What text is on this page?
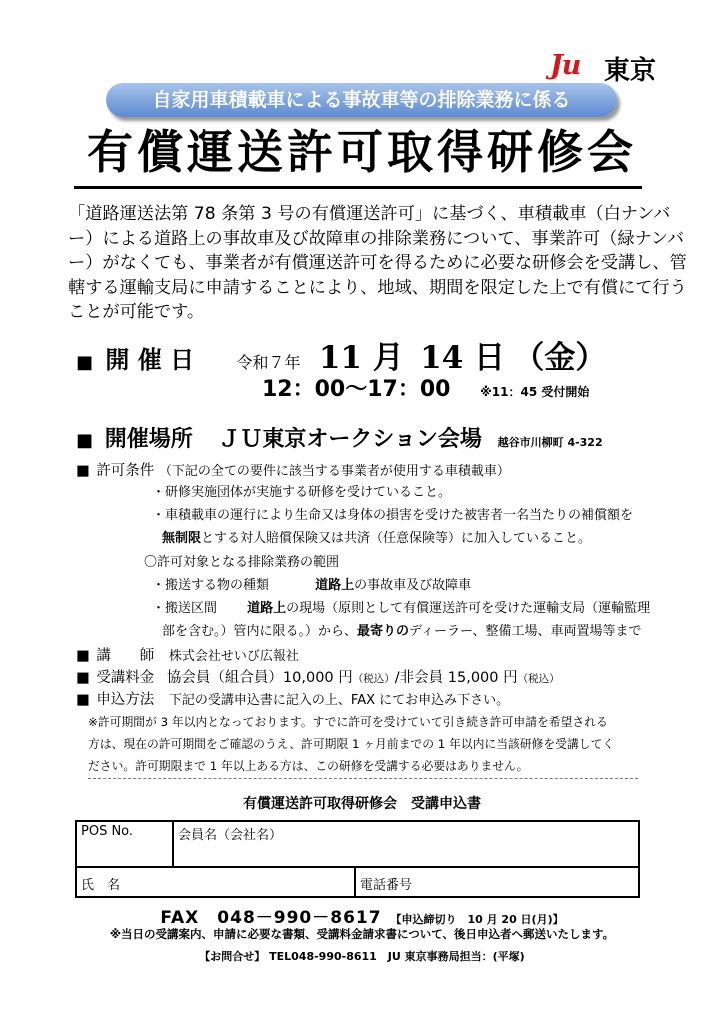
Ju 東京
自家用車積載車による事故車等の排除業務に係る
有償運送許可取得研修会
「道路運送法第 78 条第 3 号の有償運送許可」に基づく、車積載車（白ナンバー）による道路上の事故車及び故障車の排除業務について、事業許可（緑ナンバー）がなくても、事業者が有償運送許可を得るために必要な研修会を受講し、管轄する運輸支局に申請することにより、地域、期間を限定した上で有償にて行うことが可能です。
■ 開 催 日	令和７年 11 月 14 日 （金）
12：00～17：00 ※11：45 受付開始
■ 開催場所 ＪＵ東京オークション会場 越谷市川柳町 4-322
■ 許可条件 （下記の全ての要件に該当する事業者が使用する車積載車）
・研修実施団体が実施する研修を受けていること。
・車積載車の運行により生命又は身体の損害を受けた被害者一名当たりの補償額を
無制限とする対人賠償保険又は共済（任意保険等）に加入していること。
〇許可対象となる排除業務の範囲
・搬送する物の種類	道路上の事故車及び故障車
・搬送区間 道路上の現場（原則として有償運送許可を受けた運輸支局（運輸監理
部を含む。）管内に限る。）から、最寄りのディーラー、整備工場、車両置場等まで
■ 講　　師 株式会社せいび広報社
■ 受講料金 協会員（組合員）10,000 円（税込）/非会員 15,000 円（税込）
■ 申込方法 下記の受講申込書に記入の上、FAX にてお申込み下さい。
※許可期間が 3 年以内となっております。すでに許可を受けていて引き続き許可申請を希望される
方は、現在の許可期間をご確認のうえ、許可期限 1 ヶ月前までの 1 年以内に当該研修を受講してく
ださい。許可期限まで 1 年以上ある方は、この研修を受講する必要はありません。
有償運送許可取得研修会　受講申込書
POS No.	会員名（会社名）
氏　名	電話番号
FAX　048－990－8617 【申込締切り　10 月 20 日(月)】
※当日の受講案内、申請に必要な書類、受講料金請求書について、後日申込者へ郵送いたします。
【お問合せ】 TEL048-990-8611　JU 東京事務局担当：(平塚)
